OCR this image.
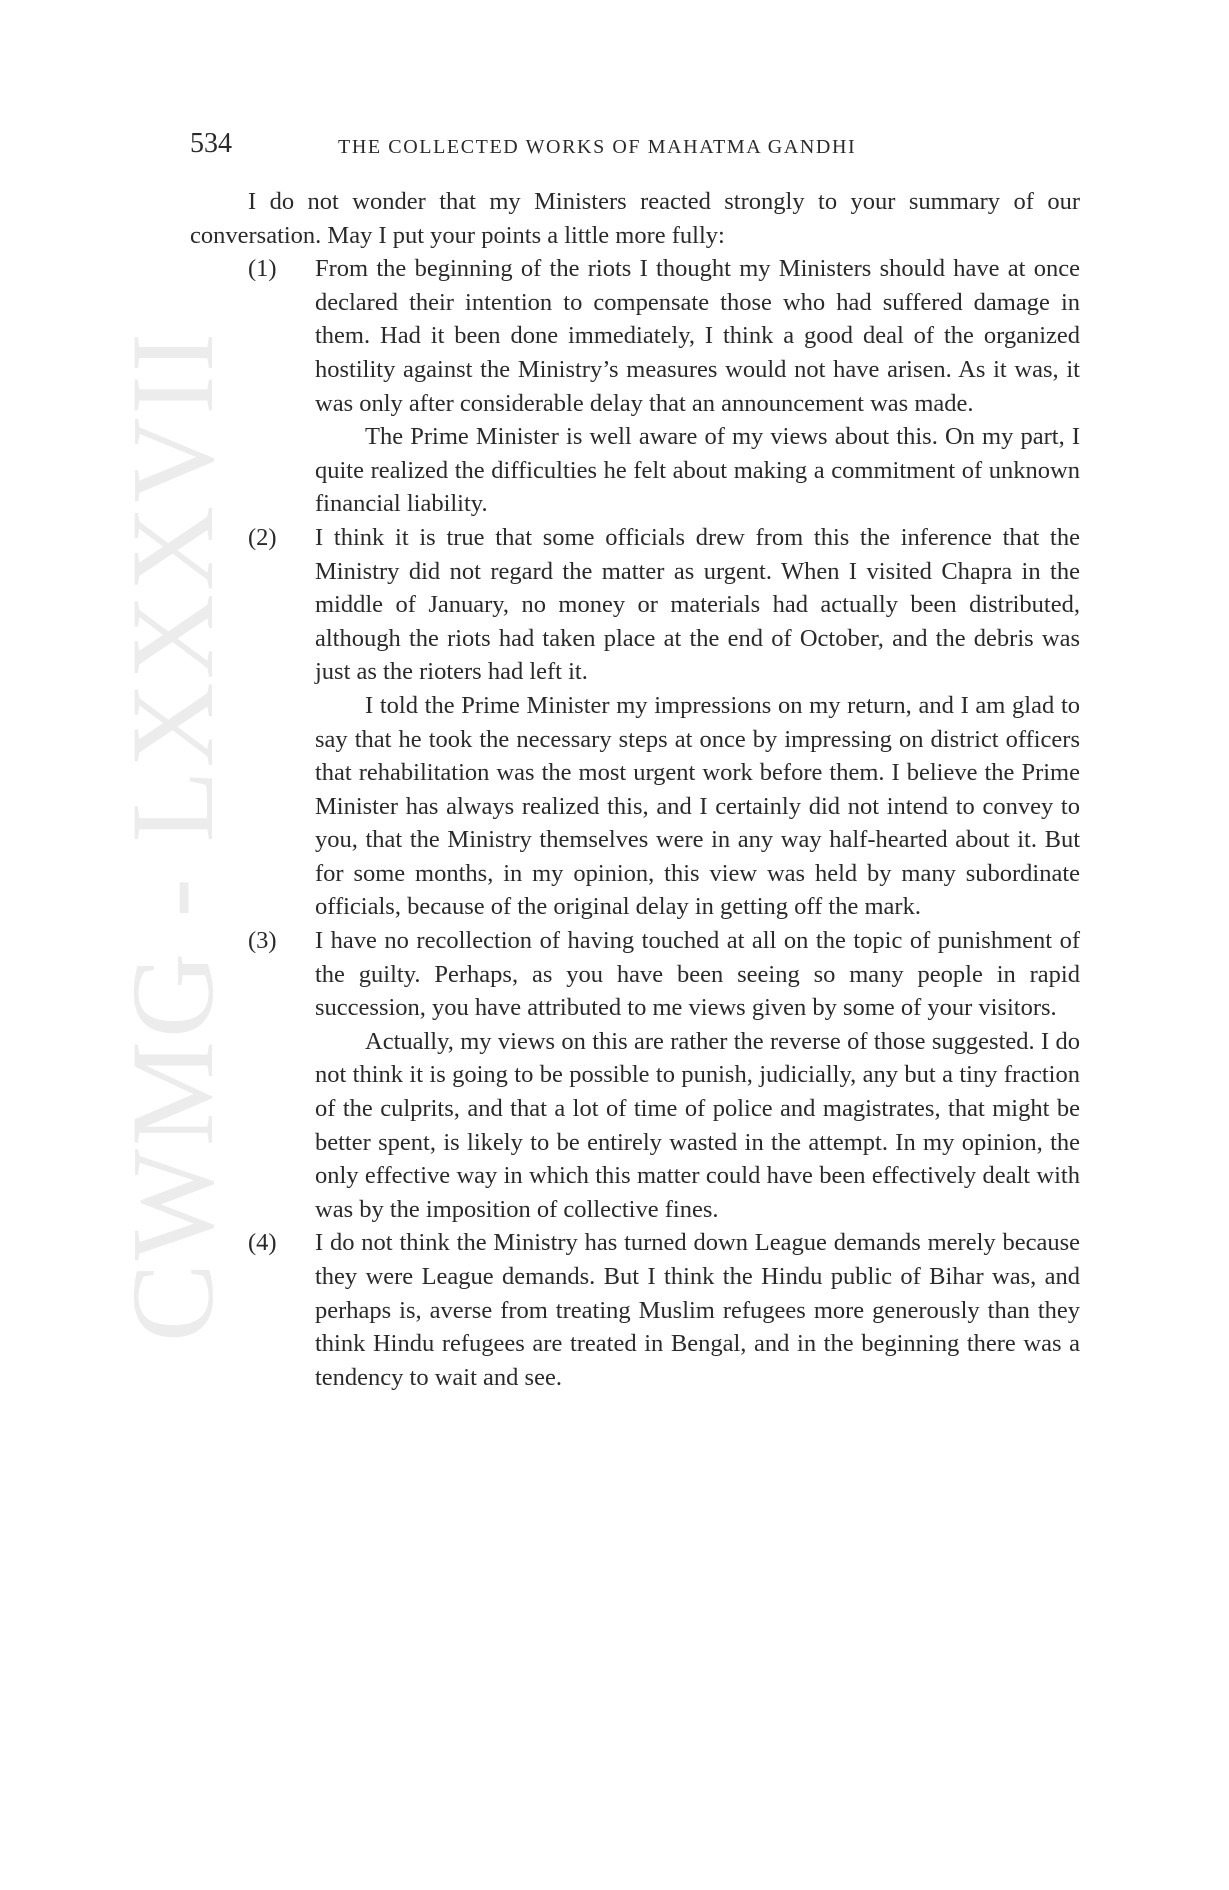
CWMG - LXXXVII
534	THE COLLECTED WORKS OF MAHATMA GANDHI

I do not wonder that my Ministers reacted strongly to your summary of our conversation. May I put your points a little more fully:

(1)	From the beginning of the riots I thought my Ministers should have at once declared their intention to compensate those who had suffered damage in them. Had it been done immediately, I think a good deal of the organized hostility against the Ministry’s measures would not have arisen. As it was, it was only after considerable delay that an announcement was made.

The Prime Minister is well aware of my views about this. On my part, I quite realized the difficulties he felt about making a commitment of unknown financial liability.

(2)	I think it is true that some officials drew from this the inference that the Ministry did not regard the matter as urgent. When I visited Chapra in the middle of January, no money or materials had actually been distributed, although the riots had taken place at the end of October, and the debris was just as the rioters had left it.

I told the Prime Minister my impressions on my return, and I am glad to say that he took the necessary steps at once by impressing on district officers that rehabilitation was the most urgent work before them. I believe the Prime Minister has always realized this, and I certainly did not intend to convey to you, that the Ministry themselves were in any way half-hearted about it. But for some months, in my opinion, this view was held by many subordinate officials, because of the original delay in getting off the mark.

(3)	I have no recollection of having touched at all on the topic of punishment of the guilty. Perhaps, as you have been seeing so many people in rapid succession, you have attributed to me views given by some of your visitors.

Actually, my views on this are rather the reverse of those suggested. I do not think it is going to be possible to punish, judicially, any but a tiny fraction of the culprits, and that a lot of time of police and magistrates, that might be better spent, is likely to be entirely wasted in the attempt. In my opinion, the only effective way in which this matter could have been effectively dealt with was by the imposition of collective fines.

(4)	I do not think the Ministry has turned down League demands merely because they were League demands. But I think the Hindu public of Bihar was, and perhaps is, averse from treating Muslim refugees more generously than they think Hindu refugees are treated in Bengal, and in the beginning there was a tendency to wait and see.
